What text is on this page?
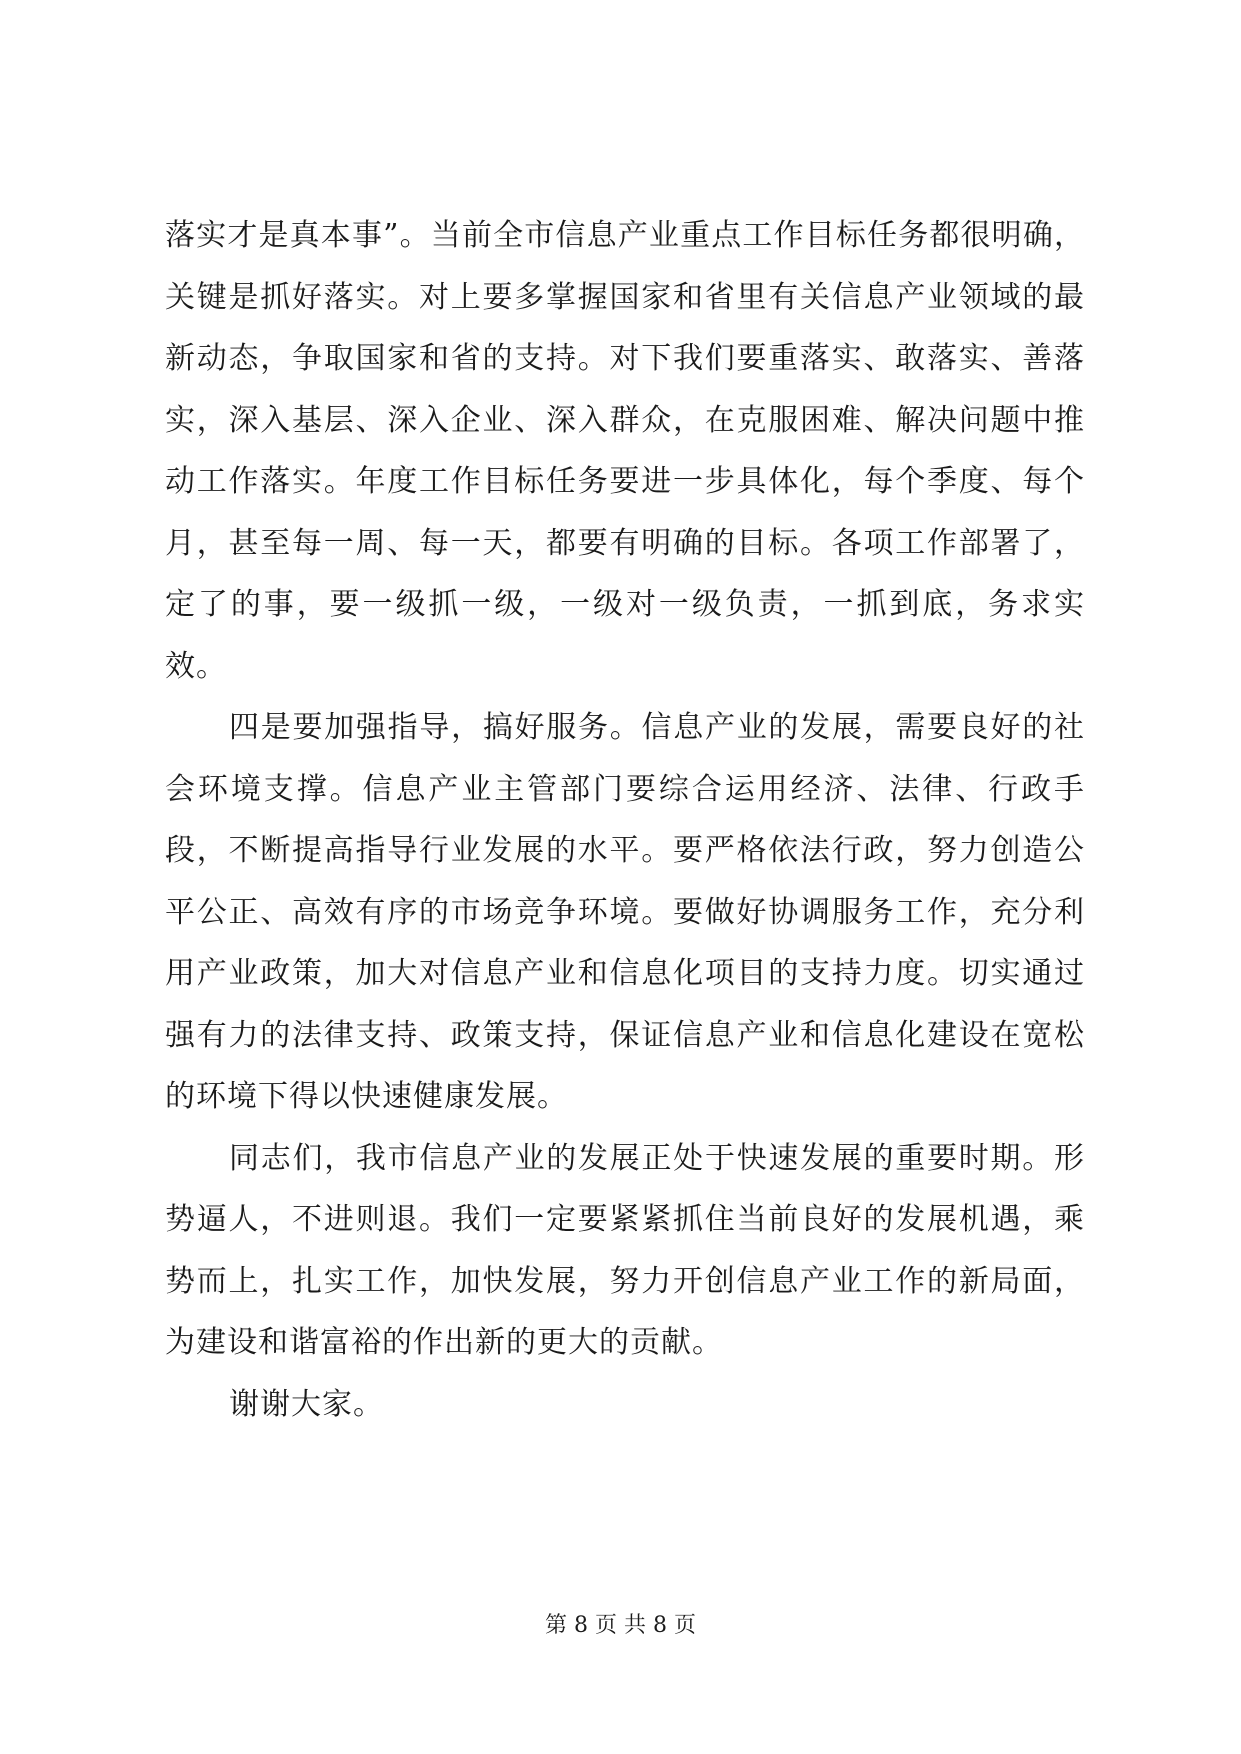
落实才是真本事”。当前全市信息产业重点工作目标任务都很明确，关键是抓好落实。对上要多掌握国家和省里有关信息产业领域的最新动态，争取国家和省的支持。对下我们要重落实、敢落实、善落实，深入基层、深入企业、深入群众，在克服困难、解决问题中推动工作落实。年度工作目标任务要进一步具体化，每个季度、每个月，甚至每一周、每一天，都要有明确的目标。各项工作部署了，定了的事，要一级抓一级，一级对一级负责，一抓到底，务求实效。

四是要加强指导，搞好服务。信息产业的发展，需要良好的社会环境支撑。信息产业主管部门要综合运用经济、法律、行政手段，不断提高指导行业发展的水平。要严格依法行政，努力创造公平公正、高效有序的市场竞争环境。要做好协调服务工作，充分利用产业政策，加大对信息产业和信息化项目的支持力度。切实通过强有力的法律支持、政策支持，保证信息产业和信息化建设在宽松的环境下得以快速健康发展。

同志们，我市信息产业的发展正处于快速发展的重要时期。形势逼人，不进则退。我们一定要紧紧抓住当前良好的发展机遇，乘势而上，扎实工作，加快发展，努力开创信息产业工作的新局面，为建设和谐富裕的作出新的更大的贡献。

谢谢大家。

第 8 页 共 8 页
